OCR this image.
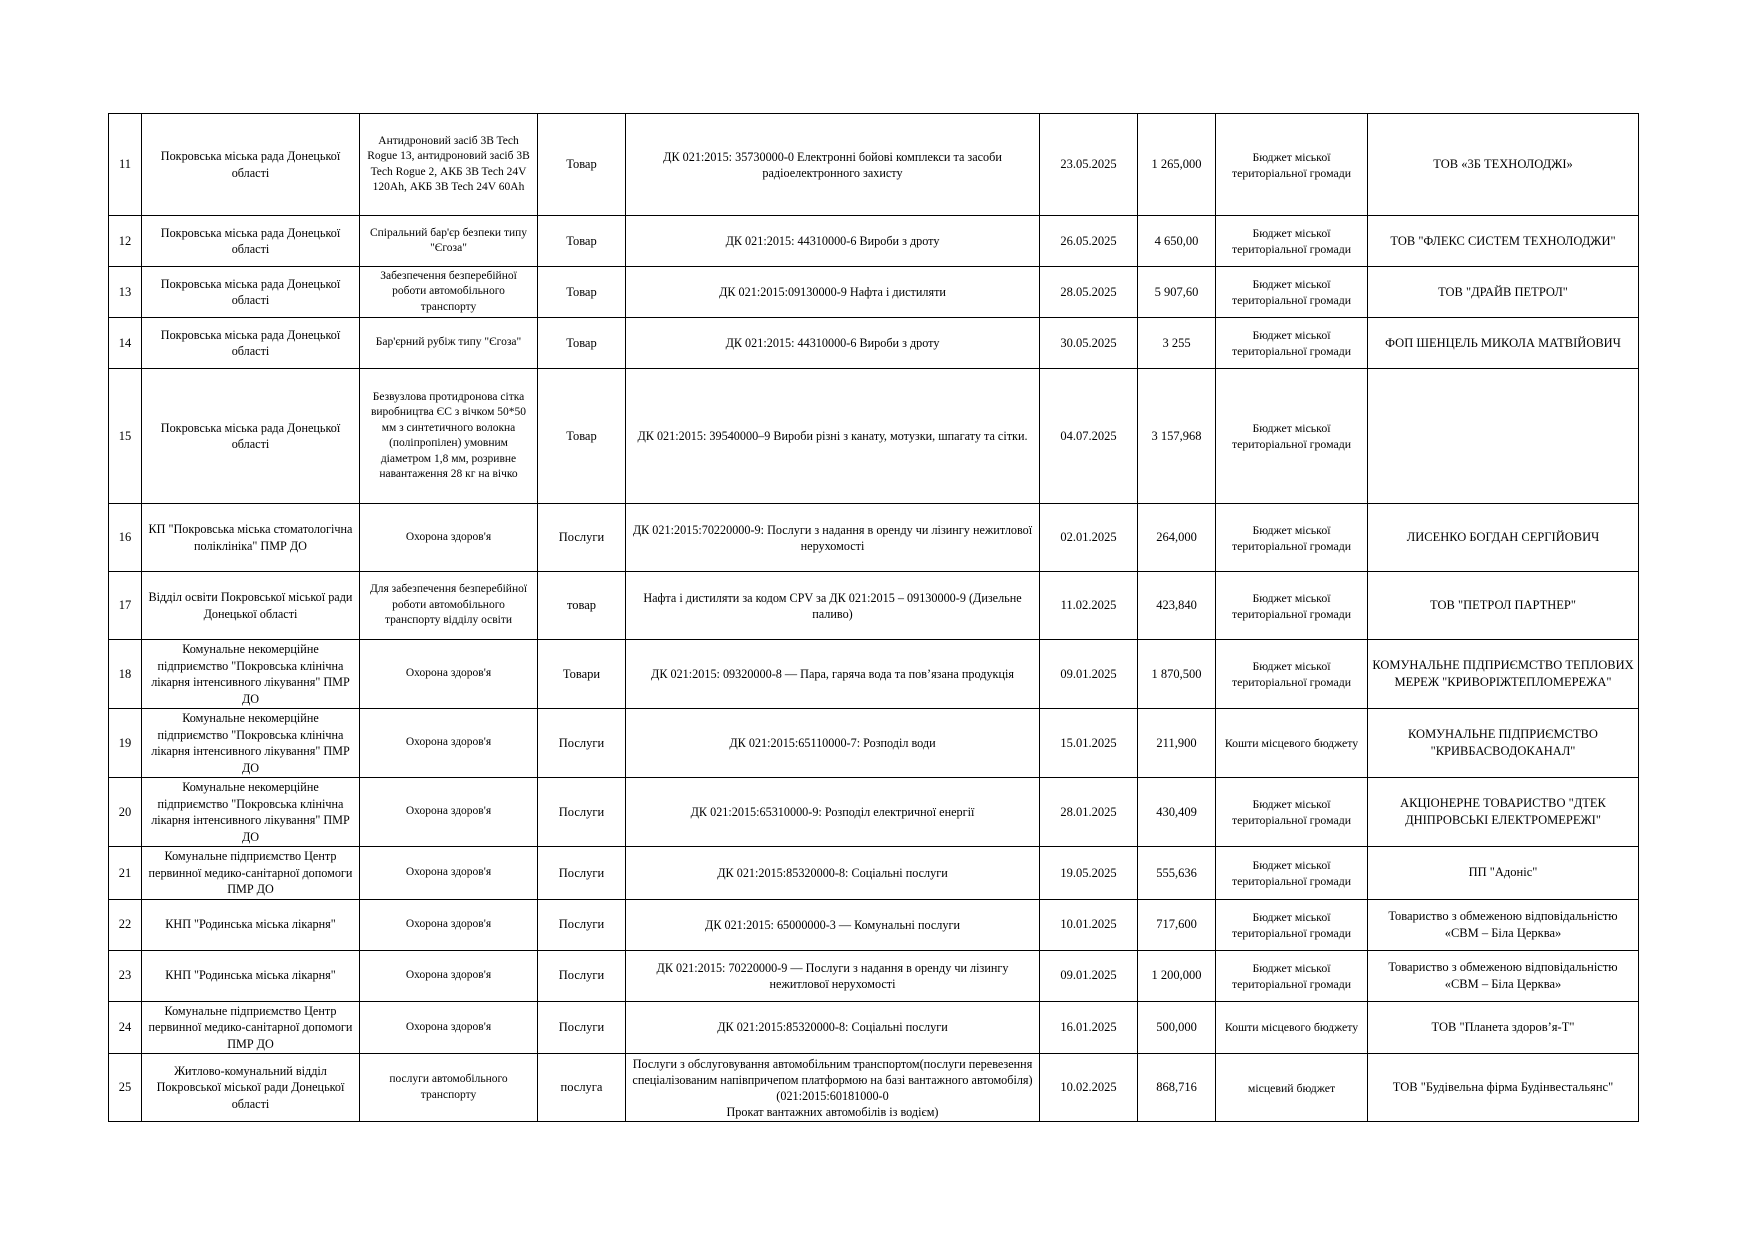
11	Покровська міська рада Донецької області	Антидроновий засіб 3B Tech Rogue 13, антидроновий засіб 3B Tech Rogue 2, АКБ 3B Tech 24V 120Ah, АКБ 3B Tech 24V 60Ah	Товар	ДК 021:2015: 35730000-0 Електронні бойові комплекси та засоби радіоелектронного захисту	23.05.2025	1 265,000	Бюджет міської територіальної громади	ТОВ «3Б ТЕХНОЛОДЖІ»
12	Покровська міська рада Донецької області	Спіральний бар'єр безпеки типу "Єгоза"	Товар	ДК 021:2015: 44310000-6 Вироби з дроту	26.05.2025	4 650,00	Бюджет міської територіальної громади	ТОВ "ФЛЕКС СИСТЕМ ТЕХНОЛОДЖИ"
13	Покровська міська рада Донецької області	Забезпечення безперебійної роботи автомобільного транспорту	Товар	ДК 021:2015:09130000-9 Нафта і дистиляти	28.05.2025	5 907,60	Бюджет міської територіальної громади	ТОВ "ДРАЙВ ПЕТРОЛ"
14	Покровська міська рада Донецької області	Бар'єрний рубіж типу "Єгоза"	Товар	ДК 021:2015: 44310000-6 Вироби з дроту	30.05.2025	3 255	Бюджет міської територіальної громади	ФОП ШЕНЦЕЛЬ МИКОЛА МАТВІЙОВИЧ
15	Покровська міська рада Донецької області	Безвузлова протидронова сітка виробництва ЄС з вічком 50*50 мм з синтетичного волокна (поліпропілен) умовним діаметром 1,8 мм, розривне навантаження 28 кг на вічко	Товар	ДК 021:2015: 39540000–9 Вироби різні з канату, мотузки, шпагату та сітки.	04.07.2025	3 157,968	Бюджет міської територіальної громади	
16	КП "Покровська міська стоматологічна поліклініка" ПМР ДО	Охорона здоров'я	Послуги	ДК 021:2015:70220000-9: Послуги з надання в оренду чи лізингу нежитлової нерухомості	02.01.2025	264,000	Бюджет міської територіальної громади	ЛИСЕНКО БОГДАН СЕРГІЙОВИЧ
17	Відділ освіти Покровської міської ради Донецької області	Для забезпечення безперебійної роботи автомобільного транспорту відділу освіти	товар	Нафта і дистиляти за кодом CPV за ДК 021:2015 – 09130000-9 (Дизельне паливо)	11.02.2025	423,840	Бюджет міської територіальної громади	ТОВ "ПЕТРОЛ ПАРТНЕР"
18	Комунальне некомерційне підприємство "Покровська клінічна лікарня інтенсивного лікування" ПМР ДО	Охорона здоров'я	Товари	ДК 021:2015: 09320000-8 — Пара, гаряча вода та пов’язана продукція	09.01.2025	1 870,500	Бюджет міської територіальної громади	КОМУНАЛЬНЕ ПІДПРИЄМСТВО ТЕПЛОВИХ МЕРЕЖ "КРИВОРІЖТЕПЛОМЕРЕЖА"
19	Комунальне некомерційне підприємство "Покровська клінічна лікарня інтенсивного лікування" ПМР ДО	Охорона здоров'я	Послуги	ДК 021:2015:65110000-7: Розподіл води	15.01.2025	211,900	Кошти місцевого бюджету	КОМУНАЛЬНЕ ПІДПРИЄМСТВО "КРИВБАСВОДОКАНАЛ"
20	Комунальне некомерційне підприємство "Покровська клінічна лікарня інтенсивного лікування" ПМР ДО	Охорона здоров'я	Послуги	ДК 021:2015:65310000-9: Розподіл електричної енергії	28.01.2025	430,409	Бюджет міської територіальної громади	АКЦІОНЕРНЕ ТОВАРИСТВО "ДТЕК ДНІПРОВСЬКІ ЕЛЕКТРОМЕРЕЖІ"
21	Комунальне підприємство Центр первинної медико-санітарної допомоги ПМР ДО	Охорона здоров'я	Послуги	ДК 021:2015:85320000-8: Соціальні послуги	19.05.2025	555,636	Бюджет міської територіальної громади	ПП "Адоніс"
22	КНП "Родинська міська лікарня"	Охорона здоров'я	Послуги	ДК 021:2015: 65000000-3 — Комунальні послуги	10.01.2025	717,600	Бюджет міської територіальної громади	Товариство з обмеженою відповідальністю «СВМ – Біла Церква»
23	КНП "Родинська міська лікарня"	Охорона здоров'я	Послуги	ДК 021:2015: 70220000-9 — Послуги з надання в оренду чи лізингу нежитлової нерухомості	09.01.2025	1 200,000	Бюджет міської територіальної громади	Товариство з обмеженою відповідальністю «СВМ – Біла Церква»
24	Комунальне підприємство Центр первинної медико-санітарної допомоги ПМР ДО	Охорона здоров'я	Послуги	ДК 021:2015:85320000-8: Соціальні послуги	16.01.2025	500,000	Кошти місцевого бюджету	ТОВ "Планета здоров’я-Т"
25	Житлово-комунальний відділ Покровської міської ради Донецької області	послуги автомобільного транспорту	послуга	Послуги з обслуговування автомобільним транспортом(послуги перевезення спеціалізованим напівпричепом платформою на базі вантажного автомобіля) (021:2015:60181000-0
Прокат вантажних автомобілів із водієм)	10.02.2025	868,716	місцевий бюджет	ТОВ "Будівельна фірма Будінвестальянс"
